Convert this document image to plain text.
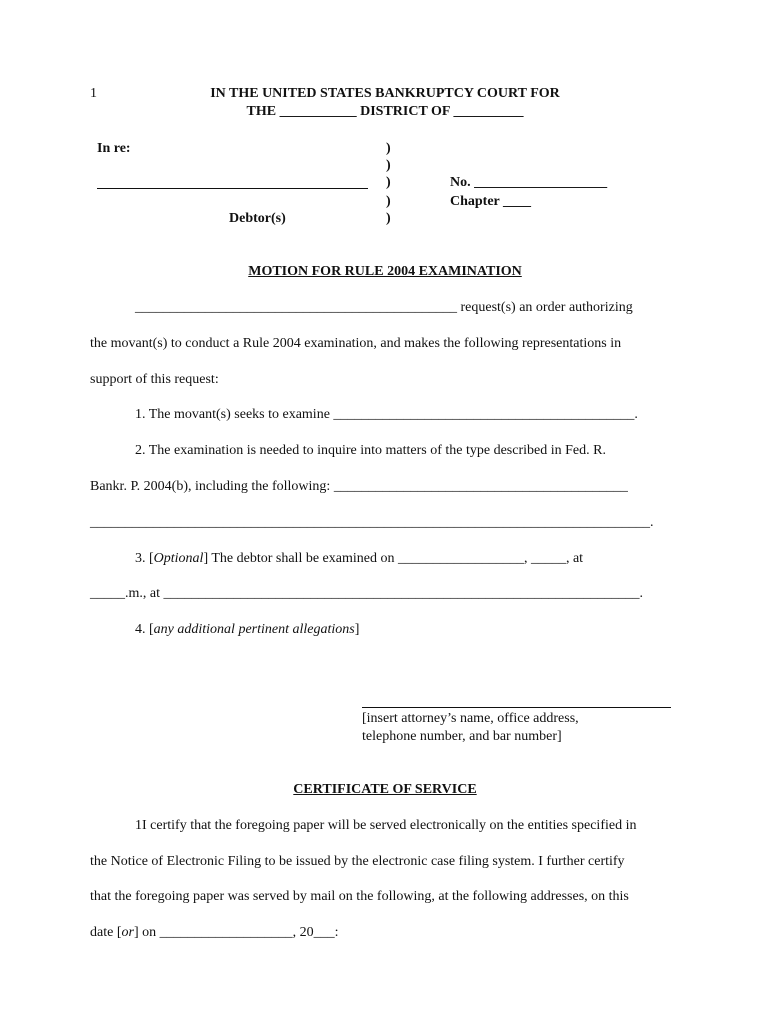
1	IN THE UNITED STATES BANKRUPTCY COURT FOR
THE ___________ DISTRICT OF __________
In re:
Debtor(s)
)
)
)
)
)
No. ___________________
Chapter ____
MOTION FOR RULE 2004 EXAMINATION
______________________________________________ request(s) an order authorizing
the movant(s) to conduct a Rule 2004 examination, and makes the following representations in
support of this request:
1. The movant(s) seeks to examine ___________________________________________.
2. The examination is needed to inquire into matters of the type described in Fed. R.
Bankr. P. 2004(b), including the following: __________________________________________
________________________________________________________________________________.
3. [Optional] The debtor shall be examined on __________________, _____, at
_____.m., at ____________________________________________________________________.
4. [any additional pertinent allegations]
[insert attorney’s name, office address,
telephone number, and bar number]
CERTIFICATE OF SERVICE
1I certify that the foregoing paper will be served electronically on the entities specified in
the Notice of Electronic Filing to be issued by the electronic case filing system. I further certify
that the foregoing paper was served by mail on the following, at the following addresses, on this
date [or] on ___________________, 20___:
